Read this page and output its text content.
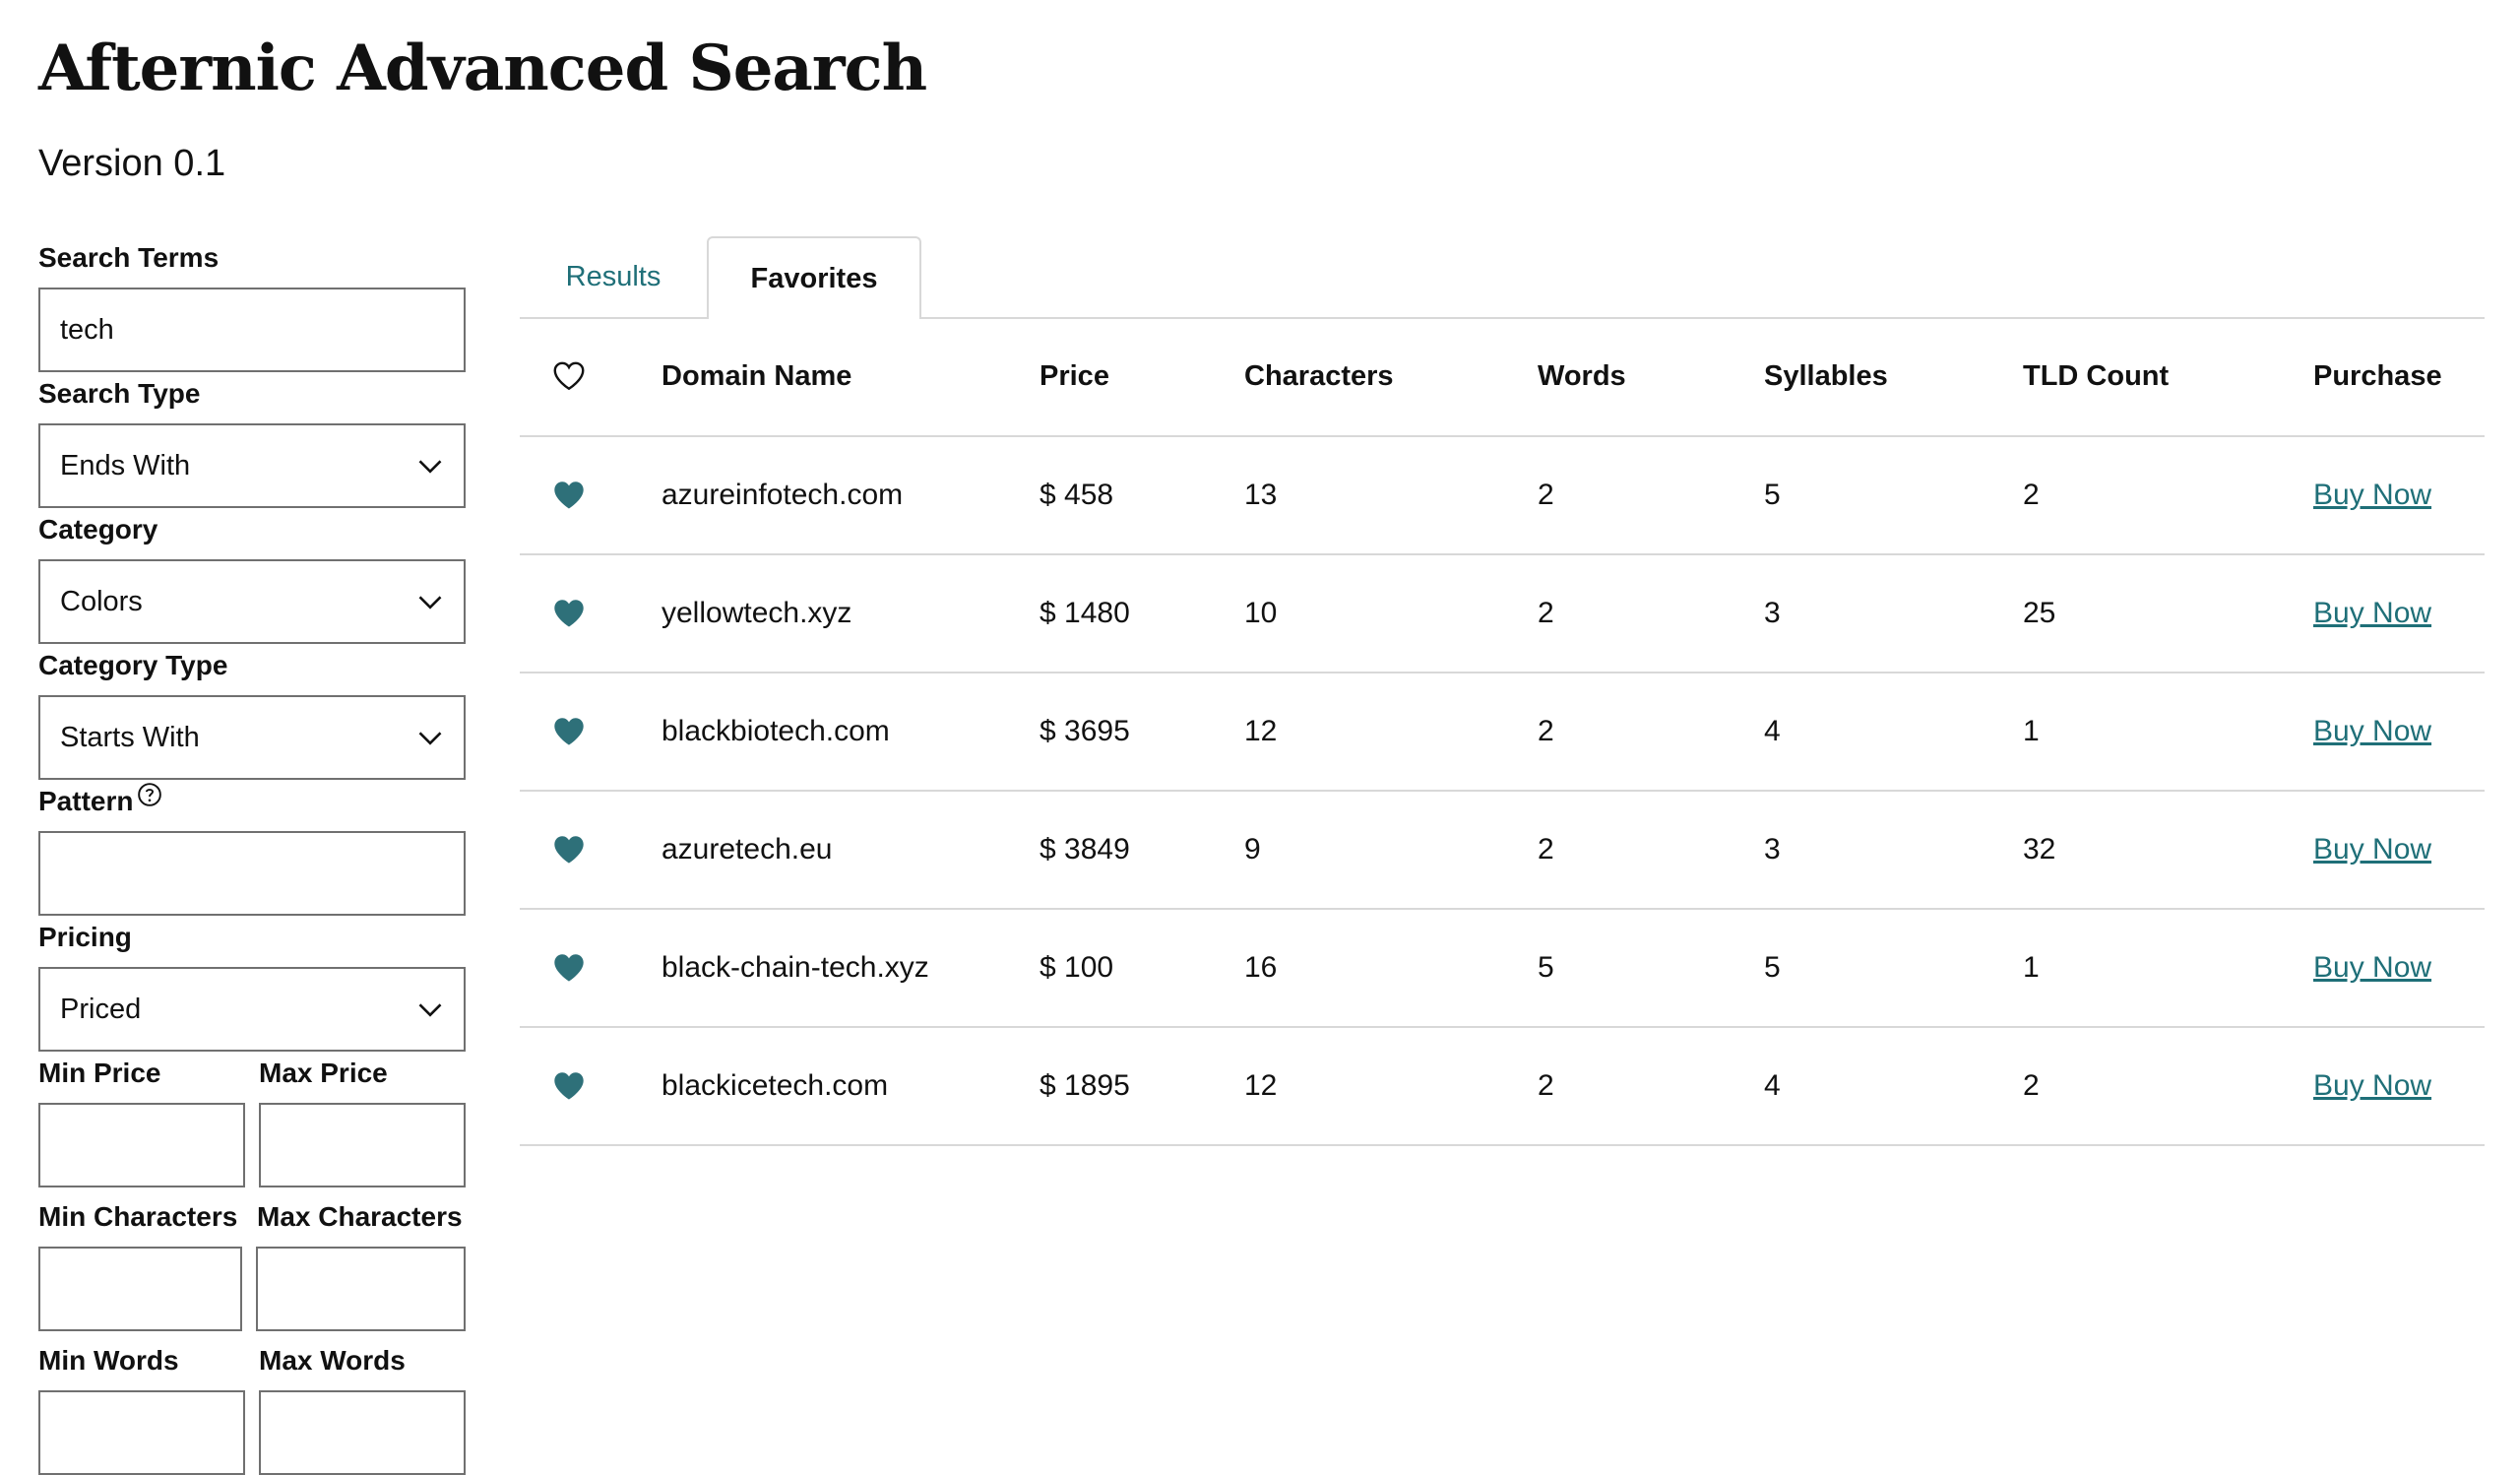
Afternic Advanced Search
Version 0.1
Search Terms
tech
Search Type
Ends With
Category
Colors
Category Type
Starts With
Pattern
Pricing
Priced
Min Price	Max Price
Min Characters Max Characters
Min Words	Max Words
Results	Favorites
Domain Name	Price	Characters	Words	Syllables	TLD Count	Purchase
azureinfotech.com	$ 458	13	2	5	2	Buy Now
yellowtech.xyz	$ 1480	10	2	3	25	Buy Now
blackbiotech.com	$ 3695	12	2	4	1	Buy Now
azuretech.eu	$ 3849	9	2	3	32	Buy Now
black-chain-tech.xyz	$ 100	16	5	5	1	Buy Now
blackicetech.com	$ 1895	12	2	4	2	Buy Now
